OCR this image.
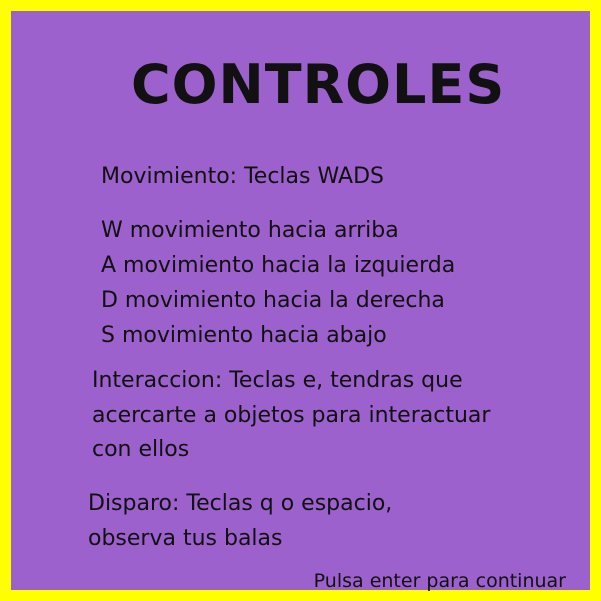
CONTROLES
Movimiento: Teclas WADS
W movimiento hacia arriba
A movimiento hacia la izquierda
D movimiento hacia la derecha
S movimiento hacia abajo
Interaccion: Teclas e, tendras que
acercarte a objetos para interactuar
con ellos
Disparo: Teclas q o espacio,
observa tus balas
Pulsa enter para continuar
